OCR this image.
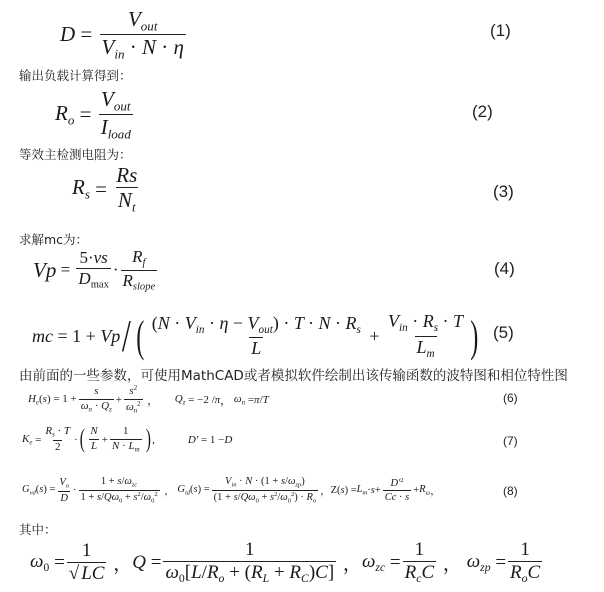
$D = \frac{V_{out}}{V_{in} \cdot N \cdot \eta}$	(1)
输出负载计算得到：
$R_o = \frac{V_{out}}{I_{load}}$	(2)
等效主检测电阻为：
$R_s = \frac{Rs}{N_t}$	(3)
求解mc为：
$Vp = \frac{5\cdot vs}{D_{max}} \cdot \frac{R_f}{R_{slope}}$	(4)
mc = 1 + Vp / ( $\frac{(N \cdot V_{in} \cdot \eta - V_{out}) \cdot T \cdot N \cdot R_s}{L} + \frac{V_{in} \cdot R_s \cdot T}{L_m}$ ) (5)
由前面的一些参数，可使用MathCAD或者模拟软件绘制出该传输函数的波特图和相位特性图
$H_e(s) = 1 + \frac{s}{\omega_n \cdot Q_z} + \frac{s^2}{\omega_n^2}$ ， $Q_z = -2 / \pi$ ， $\omega_n = \pi / T$	(6)
$K_e = \frac{R_s \cdot T}{2}$ · ( $\frac{N}{L} + \frac{1}{N \cdot L_m}$ ) ,
	D' = 1 − D	(7)
$G_{vd}(s) = \frac{V_o}{D} \cdot \frac{1 + s/\omega_{zc}}{1 + s/Q\omega_0 + s^2/\omega_0^2}$ ， $G_{id}(s) = \frac{V_{in} \cdot N \cdot (1 + s/\omega_{zp})}{(1 + s/Q\omega_0 + s^2/\omega_0^2) \cdot R_o}$ ， Z( s ) = $L_m \cdot s + \frac{D'^2}{Cc \cdot s} + R_\omega$ ，	(8)
其中：
$\omega_0 = \frac{1}{√ LC}$ ， $Q = \frac{1}{\omega_0[L/R_o + (R_L + R_C)C]}$ ， $\omega_{zc} = \frac{1}{R_cC}$ ， $\omega_{zp} = \frac{1}{R_oC}$
